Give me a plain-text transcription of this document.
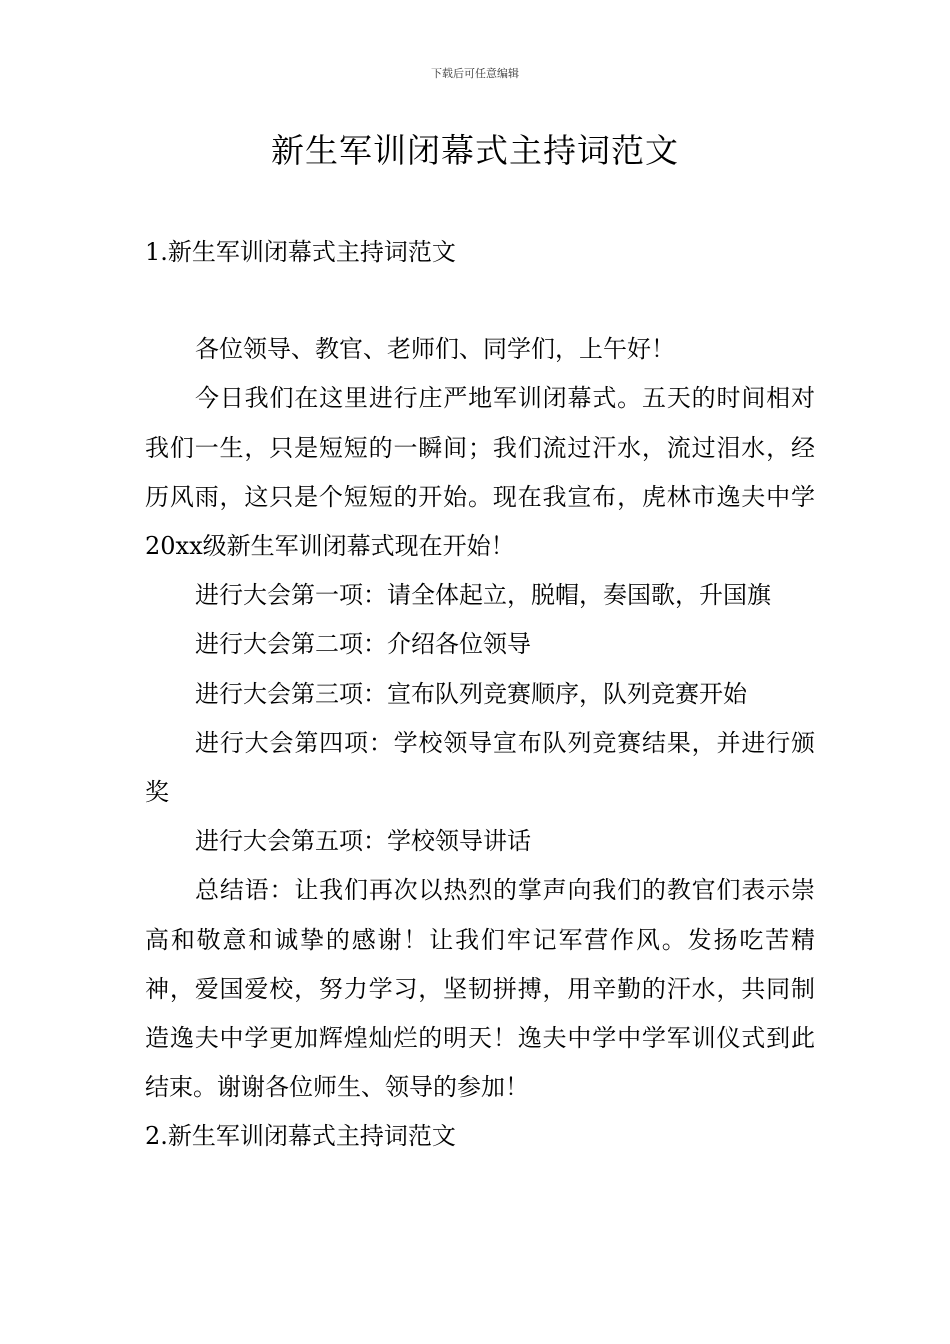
下载后可任意编辑
新生军训闭幕式主持词范文

1.新生军训闭幕式主持词范文

各位领导、教官、老师们、同学们，上午好！

今日我们在这里进行庄严地军训闭幕式。五天的时间相对我们一生，只是短短的一瞬间；我们流过汗水，流过泪水，经历风雨，这只是个短短的开始。现在我宣布，虎林市逸夫中学20xx级新生军训闭幕式现在开始！

进行大会第一项：请全体起立，脱帽，奏国歌，升国旗

进行大会第二项：介绍各位领导

进行大会第三项：宣布队列竞赛顺序，队列竞赛开始

进行大会第四项：学校领导宣布队列竞赛结果，并进行颁奖

进行大会第五项：学校领导讲话

总结语：让我们再次以热烈的掌声向我们的教官们表示崇高和敬意和诚挚的感谢！让我们牢记军营作风。发扬吃苦精神，爱国爱校，努力学习，坚韧拼搏，用辛勤的汗水，共同制造逸夫中学更加辉煌灿烂的明天！逸夫中学中学军训仪式到此结束。谢谢各位师生、领导的参加！

2.新生军训闭幕式主持词范文
